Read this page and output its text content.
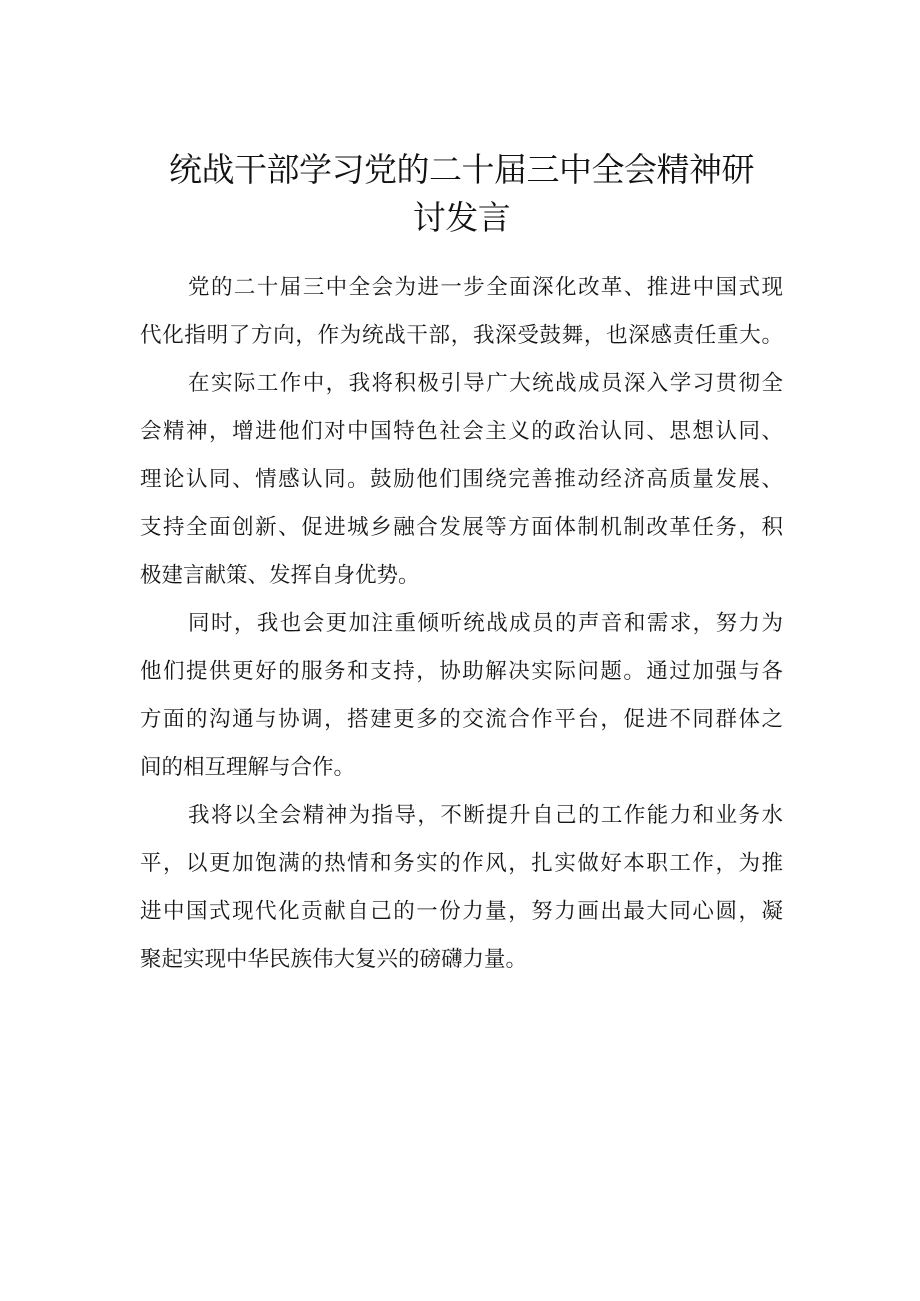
统战干部学习党的二十届三中全会精神研
讨发言

党的二十届三中全会为进一步全面深化改革、推进中国式现
代化指明了方向，作为统战干部，我深受鼓舞，也深感责任重大。

在实际工作中，我将积极引导广大统战成员深入学习贯彻全
会精神，增进他们对中国特色社会主义的政治认同、思想认同、
理论认同、情感认同。鼓励他们围绕完善推动经济高质量发展、
支持全面创新、促进城乡融合发展等方面体制机制改革任务，积
极建言献策、发挥自身优势。

同时，我也会更加注重倾听统战成员的声音和需求，努力为
他们提供更好的服务和支持，协助解决实际问题。通过加强与各
方面的沟通与协调，搭建更多的交流合作平台，促进不同群体之
间的相互理解与合作。

我将以全会精神为指导，不断提升自己的工作能力和业务水
平，以更加饱满的热情和务实的作风，扎实做好本职工作，为推
进中国式现代化贡献自己的一份力量，努力画出最大同心圆，凝
聚起实现中华民族伟大复兴的磅礴力量。
